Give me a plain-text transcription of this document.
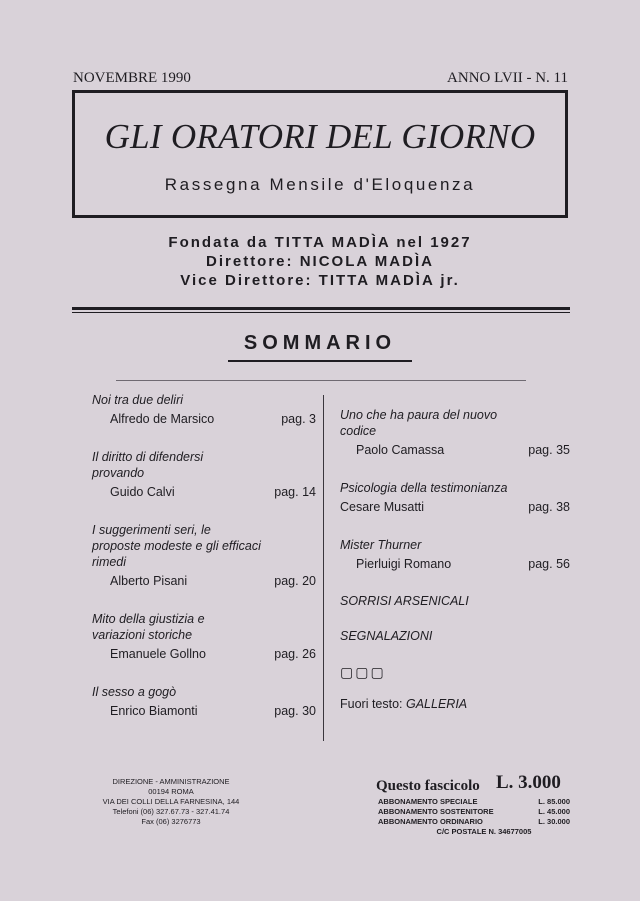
NOVEMBRE 1990	ANNO LVII - N. 11
GLI ORATORI DEL GIORNO
Rassegna Mensile d'Eloquenza
Fondata da TITTA MADÌA nel 1927
Direttore: NICOLA MADÌA
Vice Direttore: TITTA MADÌA jr.
SOMMARIO
Noi tra due deliri
Alfredo de Marsico	pag. 3
Il diritto di difendersi provando
Guido Calvi	pag. 14
I suggerimenti seri, le proposte modeste e gli efficaci rimedi
Alberto Pisani	pag. 20
Mito della giustizia e variazioni storiche
Emanuele Gollno	pag. 26
Il sesso a gogò
Enrico Biamonti	pag. 30
Uno che ha paura del nuovo codice
Paolo Camassa	pag. 35
Psicologia della testimonianza
Cesare Musatti	pag. 38
Mister Thurner
Pierluigi Romano	pag. 56
SORRISI ARSENICALI
SEGNALAZIONI
▢▢▢
Fuori testo: GALLERIA
DIREZIONE - AMMINISTRAZIONE
00194 ROMA
VIA DEI COLLI DELLA FARNESINA, 144
Telefoni (06) 327.67.73 - 327.41.74
Fax (06) 3276773
Questo fascicolo L. 3.000
ABBONAMENTO SPECIALE	L. 85.000
ABBONAMENTO SOSTENITORE	L. 45.000
ABBONAMENTO ORDINARIO	L. 30.000
C/C POSTALE N. 34677005
